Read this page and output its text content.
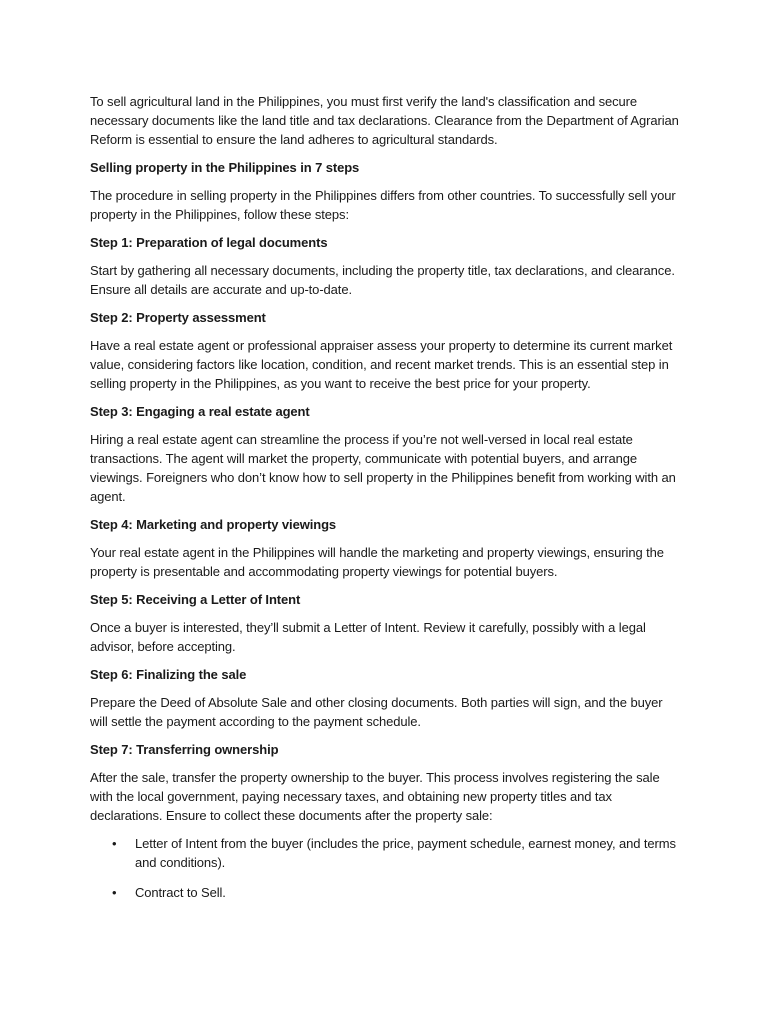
To sell agricultural land in the Philippines, you must first verify the land's classification and secure necessary documents like the land title and tax declarations. Clearance from the Department of Agrarian Reform is essential to ensure the land adheres to agricultural standards.

Selling property in the Philippines in 7 steps

The procedure in selling property in the Philippines differs from other countries. To successfully sell your property in the Philippines, follow these steps:

Step 1: Preparation of legal documents

Start by gathering all necessary documents, including the property title, tax declarations, and clearance. Ensure all details are accurate and up-to-date.

Step 2: Property assessment

Have a real estate agent or professional appraiser assess your property to determine its current market value, considering factors like location, condition, and recent market trends. This is an essential step in selling property in the Philippines, as you want to receive the best price for your property.

Step 3: Engaging a real estate agent

Hiring a real estate agent can streamline the process if you’re not well-versed in local real estate transactions. The agent will market the property, communicate with potential buyers, and arrange viewings. Foreigners who don’t know how to sell property in the Philippines benefit from working with an agent.

Step 4: Marketing and property viewings

Your real estate agent in the Philippines will handle the marketing and property viewings, ensuring the property is presentable and accommodating property viewings for potential buyers.

Step 5: Receiving a Letter of Intent

Once a buyer is interested, they’ll submit a Letter of Intent. Review it carefully, possibly with a legal advisor, before accepting.

Step 6: Finalizing the sale

Prepare the Deed of Absolute Sale and other closing documents. Both parties will sign, and the buyer will settle the payment according to the payment schedule.

Step 7: Transferring ownership

After the sale, transfer the property ownership to the buyer. This process involves registering the sale with the local government, paying necessary taxes, and obtaining new property titles and tax declarations. Ensure to collect these documents after the property sale:

• Letter of Intent from the buyer (includes the price, payment schedule, earnest money, and terms and conditions).
• Contract to Sell.
